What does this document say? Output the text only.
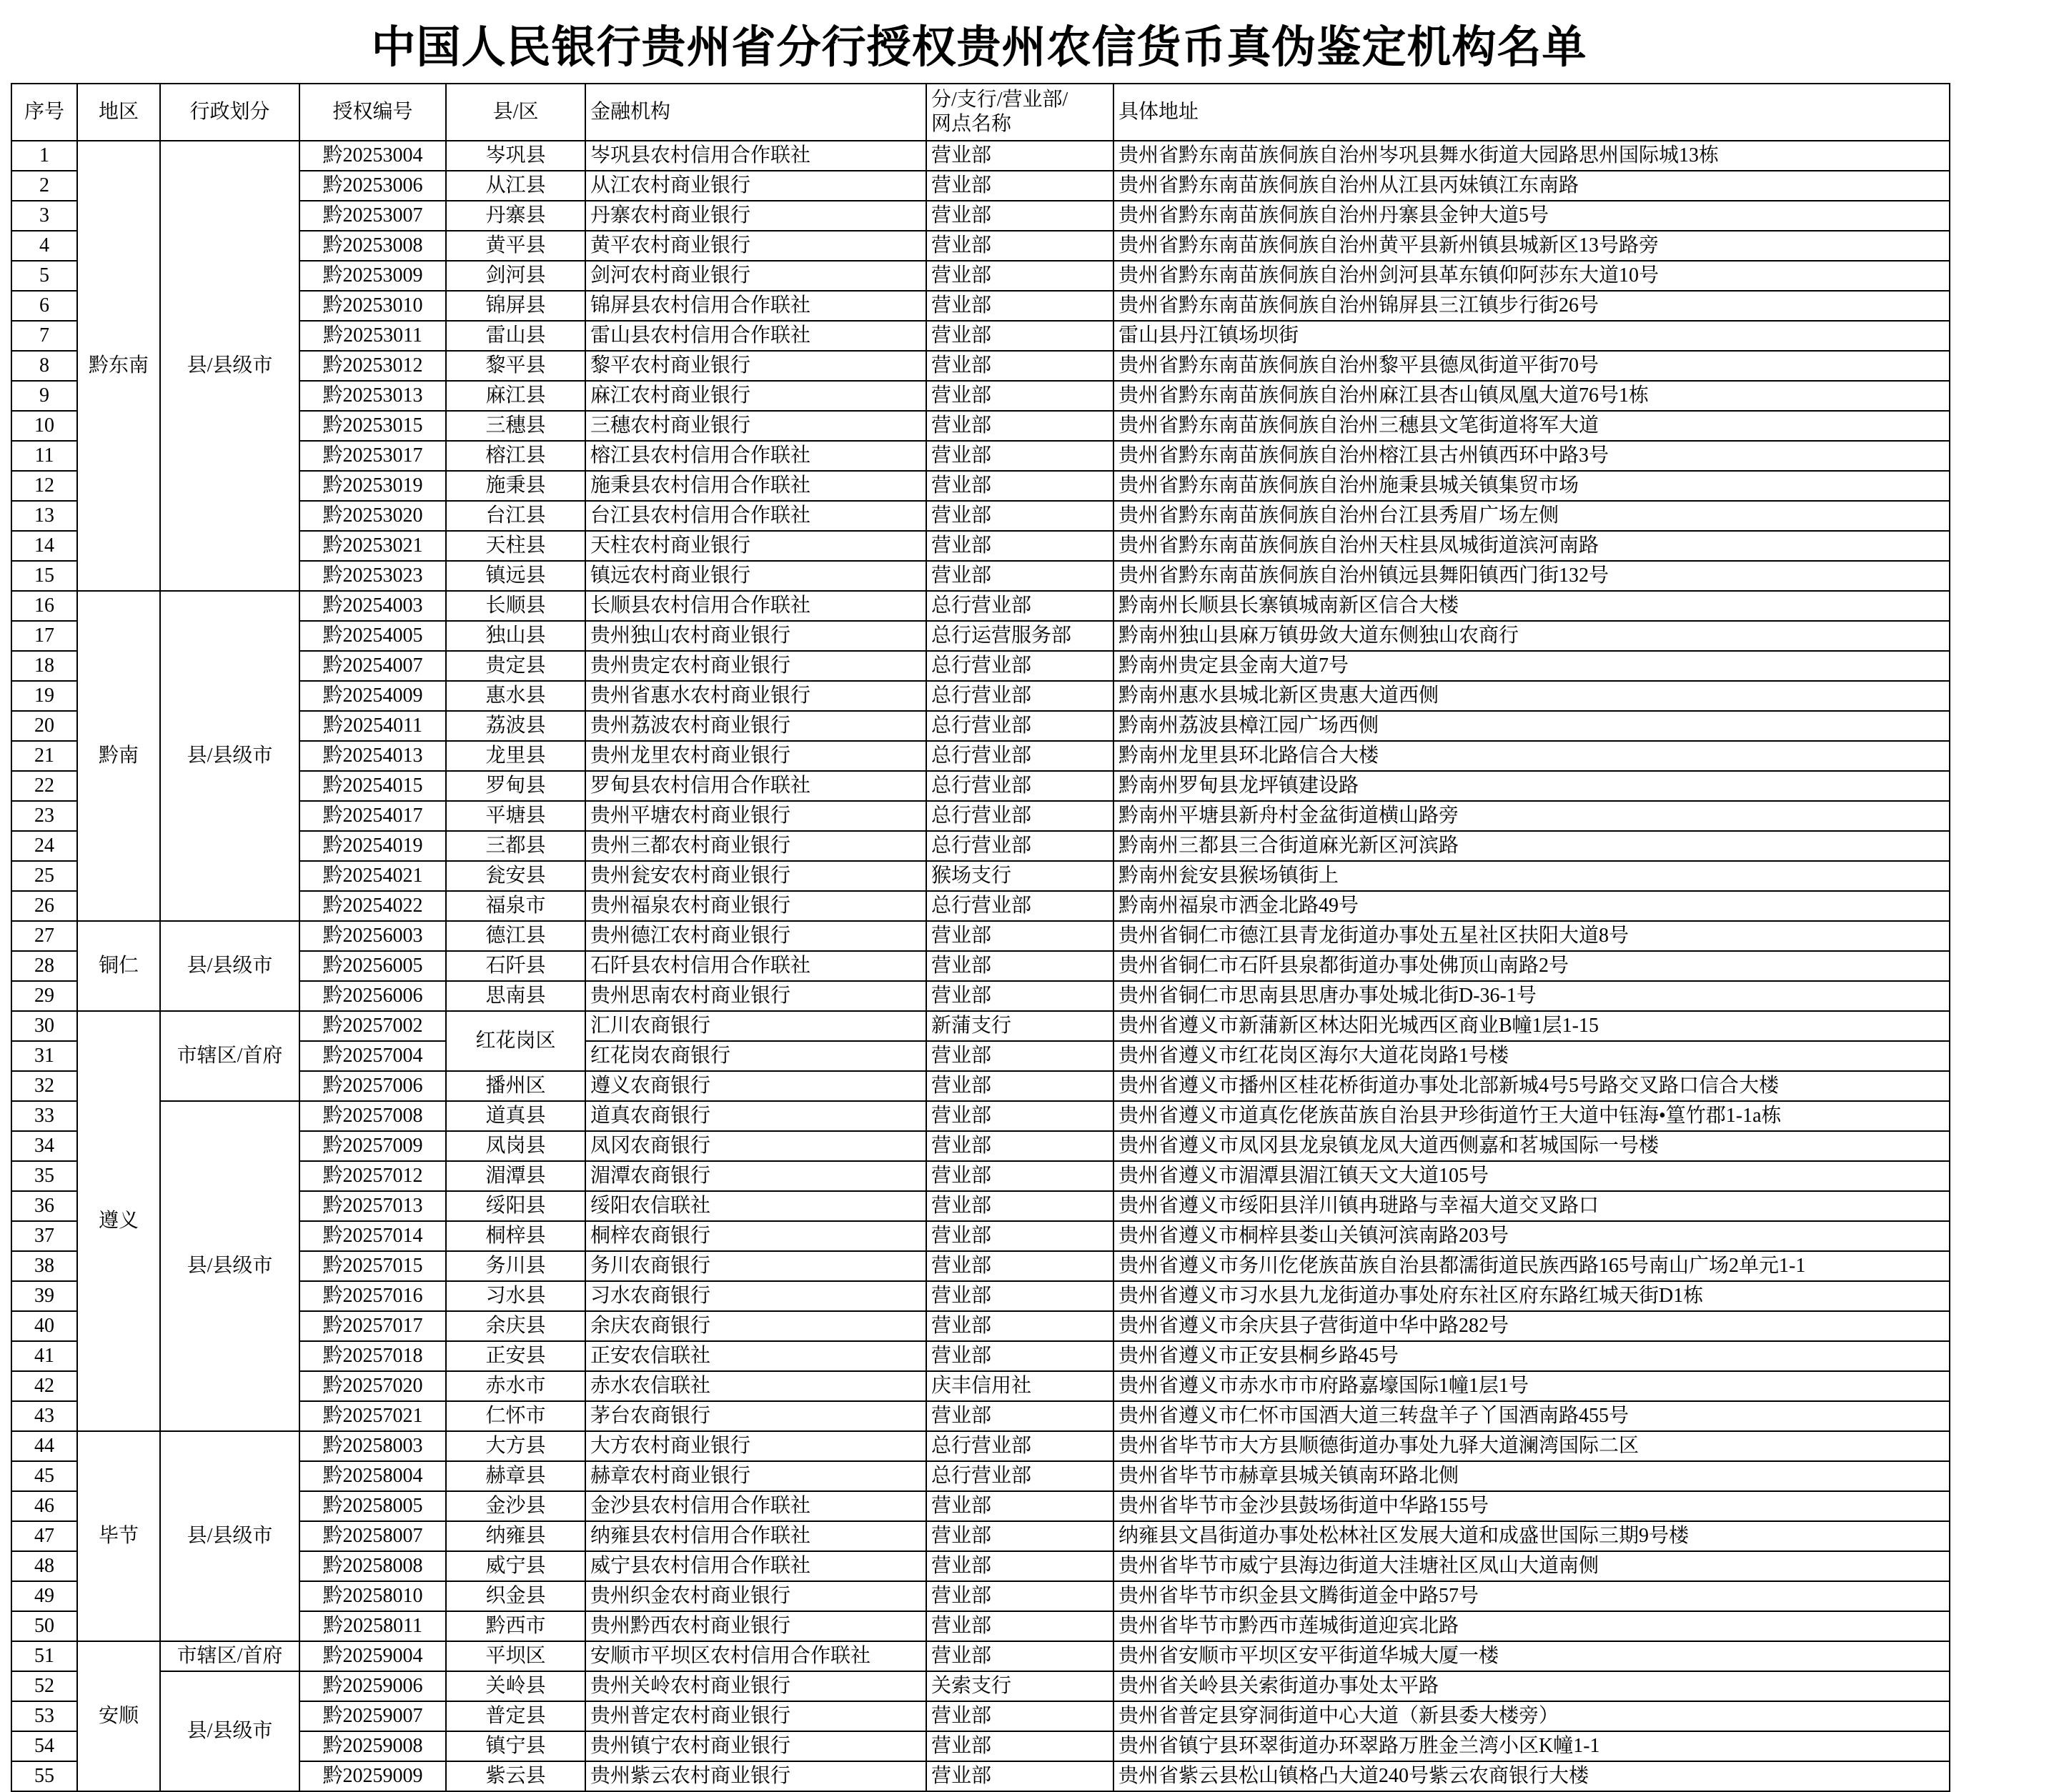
中国人民银行贵州省分行授权贵州农信货币真伪鉴定机构名单
序号	地区	行政划分	授权编号	县/区	金融机构	分/支行/营业部/
网点名称	具体地址
1	黔东南	县/县级市	黔20253004	岑巩县	岑巩县农村信用合作联社	营业部	贵州省黔东南苗族侗族自治州岑巩县舞水街道大园路思州国际城13栋
2			黔20253006	从江县	从江农村商业银行	营业部	贵州省黔东南苗族侗族自治州从江县丙妹镇江东南路
3			黔20253007	丹寨县	丹寨农村商业银行	营业部	贵州省黔东南苗族侗族自治州丹寨县金钟大道5号
4			黔20253008	黄平县	黄平农村商业银行	营业部	贵州省黔东南苗族侗族自治州黄平县新州镇县城新区13号路旁
5			黔20253009	剑河县	剑河农村商业银行	营业部	贵州省黔东南苗族侗族自治州剑河县革东镇仰阿莎东大道10号
6			黔20253010	锦屏县	锦屏县农村信用合作联社	营业部	贵州省黔东南苗族侗族自治州锦屏县三江镇步行街26号
7			黔20253011	雷山县	雷山县农村信用合作联社	营业部	雷山县丹江镇场坝街
8			黔20253012	黎平县	黎平农村商业银行	营业部	贵州省黔东南苗族侗族自治州黎平县德凤街道平街70号
9			黔20253013	麻江县	麻江农村商业银行	营业部	贵州省黔东南苗族侗族自治州麻江县杏山镇凤凰大道76号1栋
10			黔20253015	三穗县	三穗农村商业银行	营业部	贵州省黔东南苗族侗族自治州三穗县文笔街道将军大道
11			黔20253017	榕江县	榕江县农村信用合作联社	营业部	贵州省黔东南苗族侗族自治州榕江县古州镇西环中路3号
12			黔20253019	施秉县	施秉县农村信用合作联社	营业部	贵州省黔东南苗族侗族自治州施秉县城关镇集贸市场
13			黔20253020	台江县	台江县农村信用合作联社	营业部	贵州省黔东南苗族侗族自治州台江县秀眉广场左侧
14			黔20253021	天柱县	天柱农村商业银行	营业部	贵州省黔东南苗族侗族自治州天柱县凤城街道滨河南路
15			黔20253023	镇远县	镇远农村商业银行	营业部	贵州省黔东南苗族侗族自治州镇远县舞阳镇西门街132号
16	黔南	县/县级市	黔20254003	长顺县	长顺县农村信用合作联社	总行营业部	黔南州长顺县长寨镇城南新区信合大楼
17			黔20254005	独山县	贵州独山农村商业银行	总行运营服务部	黔南州独山县麻万镇毋敛大道东侧独山农商行
18			黔20254007	贵定县	贵州贵定农村商业银行	总行营业部	黔南州贵定县金南大道7号
19			黔20254009	惠水县	贵州省惠水农村商业银行	总行营业部	黔南州惠水县城北新区贵惠大道西侧
20			黔20254011	荔波县	贵州荔波农村商业银行	总行营业部	黔南州荔波县樟江园广场西侧
21			黔20254013	龙里县	贵州龙里农村商业银行	总行营业部	黔南州龙里县环北路信合大楼
22			黔20254015	罗甸县	罗甸县农村信用合作联社	总行营业部	黔南州罗甸县龙坪镇建设路
23			黔20254017	平塘县	贵州平塘农村商业银行	总行营业部	黔南州平塘县新舟村金盆街道横山路旁
24			黔20254019	三都县	贵州三都农村商业银行	总行营业部	黔南州三都县三合街道麻光新区河滨路
25			黔20254021	瓮安县	贵州瓮安农村商业银行	猴场支行	黔南州瓮安县猴场镇街上
26			黔20254022	福泉市	贵州福泉农村商业银行	总行营业部	黔南州福泉市洒金北路49号
27	铜仁	县/县级市	黔20256003	德江县	贵州德江农村商业银行	营业部	贵州省铜仁市德江县青龙街道办事处五星社区扶阳大道8号
28			黔20256005	石阡县	石阡县农村信用合作联社	营业部	贵州省铜仁市石阡县泉都街道办事处佛顶山南路2号
29			黔20256006	思南县	贵州思南农村商业银行	营业部	贵州省铜仁市思南县思唐办事处城北街D-36-1号
30	遵义	市辖区/首府	黔20257002	红花岗区	汇川农商银行	新蒲支行	贵州省遵义市新蒲新区林达阳光城西区商业B幢1层1-15
31			黔20257004		红花岗农商银行	营业部	贵州省遵义市红花岗区海尔大道花岗路1号楼
32			黔20257006	播州区	遵义农商银行	营业部	贵州省遵义市播州区桂花桥街道办事处北部新城4号5号路交叉路口信合大楼
33		县/县级市	黔20257008	道真县	道真农商银行	营业部	贵州省遵义市道真仡佬族苗族自治县尹珍街道竹王大道中钰海•篁竹郡1-1a栋
34			黔20257009	凤岗县	凤冈农商银行	营业部	贵州省遵义市凤冈县龙泉镇龙凤大道西侧嘉和茗城国际一号楼
35			黔20257012	湄潭县	湄潭农商银行	营业部	贵州省遵义市湄潭县湄江镇天文大道105号
36			黔20257013	绥阳县	绥阳农信联社	营业部	贵州省遵义市绥阳县洋川镇冉琎路与幸福大道交叉路口
37			黔20257014	桐梓县	桐梓农商银行	营业部	贵州省遵义市桐梓县娄山关镇河滨南路203号
38			黔20257015	务川县	务川农商银行	营业部	贵州省遵义市务川仡佬族苗族自治县都濡街道民族西路165号南山广场2单元1-1
39			黔20257016	习水县	习水农商银行	营业部	贵州省遵义市习水县九龙街道办事处府东社区府东路红城天街D1栋
40			黔20257017	余庆县	余庆农商银行	营业部	贵州省遵义市余庆县子营街道中华中路282号
41			黔20257018	正安县	正安农信联社	营业部	贵州省遵义市正安县桐乡路45号
42			黔20257020	赤水市	赤水农信联社	庆丰信用社	贵州省遵义市赤水市市府路嘉壕国际1幢1层1号
43			黔20257021	仁怀市	茅台农商银行	营业部	贵州省遵义市仁怀市国酒大道三转盘羊子丫国酒南路455号
44	毕节	县/县级市	黔20258003	大方县	大方农村商业银行	总行营业部	贵州省毕节市大方县顺德街道办事处九驿大道澜湾国际二区
45			黔20258004	赫章县	赫章农村商业银行	总行营业部	贵州省毕节市赫章县城关镇南环路北侧
46			黔20258005	金沙县	金沙县农村信用合作联社	营业部	贵州省毕节市金沙县鼓场街道中华路155号
47			黔20258007	纳雍县	纳雍县农村信用合作联社	营业部	纳雍县文昌街道办事处松林社区发展大道和成盛世国际三期9号楼
48			黔20258008	威宁县	威宁县农村信用合作联社	营业部	贵州省毕节市威宁县海边街道大洼塘社区凤山大道南侧
49			黔20258010	织金县	贵州织金农村商业银行	营业部	贵州省毕节市织金县文腾街道金中路57号
50			黔20258011	黔西市	贵州黔西农村商业银行	营业部	贵州省毕节市黔西市莲城街道迎宾北路
51	安顺	市辖区/首府	黔20259004	平坝区	安顺市平坝区农村信用合作联社	营业部	贵州省安顺市平坝区安平街道华城大厦一楼
52		县/县级市	黔20259006	关岭县	贵州关岭农村商业银行	关索支行	贵州省关岭县关索街道办事处太平路
53			黔20259007	普定县	贵州普定农村商业银行	营业部	贵州省普定县穿洞街道中心大道（新县委大楼旁）
54			黔20259008	镇宁县	贵州镇宁农村商业银行	营业部	贵州省镇宁县环翠街道办环翠路万胜金兰湾小区K幢1-1
55			黔20259009	紫云县	贵州紫云农村商业银行	营业部	贵州省紫云县松山镇格凸大道240号紫云农商银行大楼
